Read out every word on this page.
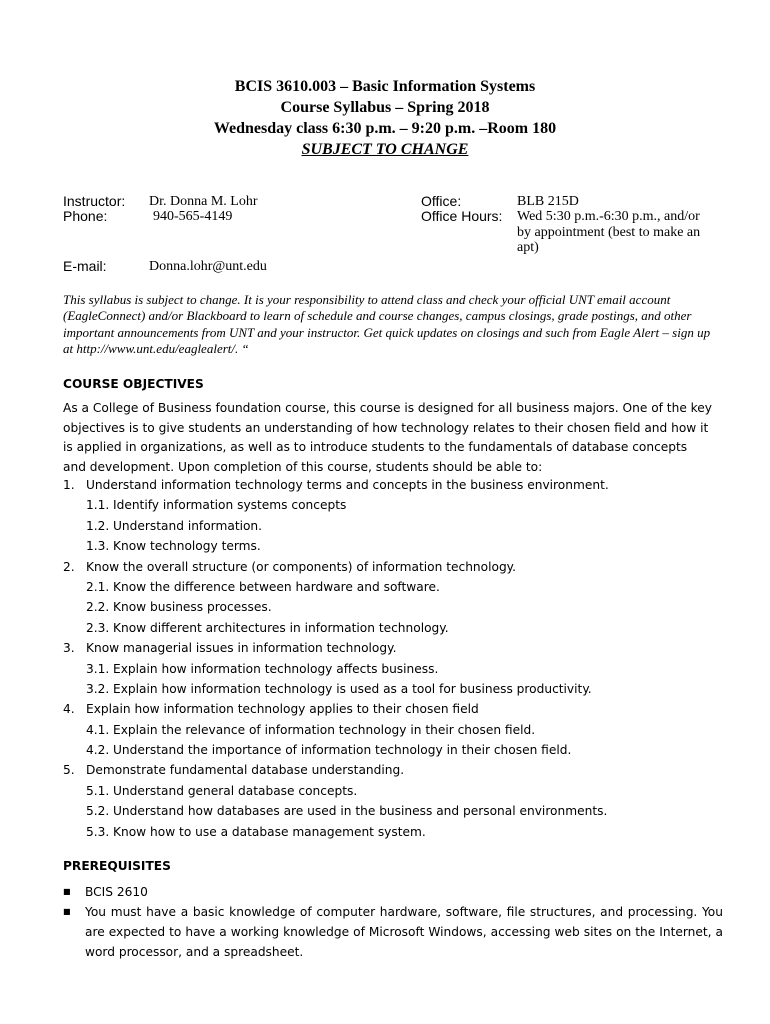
BCIS 3610.003 – Basic Information Systems
Course Syllabus – Spring 2018
Wednesday class 6:30 p.m. – 9:20 p.m. –Room 180
SUBJECT TO CHANGE
Instructor: Dr. Donna M. Lohr
Phone:	940-565-4149
E-mail:	Donna.lohr@unt.edu
Office:	BLB 215D
Office Hours: Wed 5:30 p.m.-6:30 p.m., and/or by appointment (best to make an apt)
This syllabus is subject to change. It is your responsibility to attend class and check your official UNT email account (EagleConnect) and/or Blackboard to learn of schedule and course changes, campus closings, grade postings, and other important announcements from UNT and your instructor. Get quick updates on closings and such from Eagle Alert – sign up at http://www.unt.edu/eaglealert/. “
COURSE OBJECTIVES
As a College of Business foundation course, this course is designed for all business majors. One of the key objectives is to give students an understanding of how technology relates to their chosen field and how it is applied in organizations, as well as to introduce students to the fundamentals of database concepts and development. Upon completion of this course, students should be able to:
1. Understand information technology terms and concepts in the business environment.
1.1. Identify information systems concepts
1.2. Understand information.
1.3. Know technology terms.
2. Know the overall structure (or components) of information technology.
2.1. Know the difference between hardware and software.
2.2. Know business processes.
2.3. Know different architectures in information technology.
3. Know managerial issues in information technology.
3.1. Explain how information technology affects business.
3.2. Explain how information technology is used as a tool for business productivity.
4. Explain how information technology applies to their chosen field
4.1. Explain the relevance of information technology in their chosen field.
4.2. Understand the importance of information technology in their chosen field.
5. Demonstrate fundamental database understanding.
5.1. Understand general database concepts.
5.2. Understand how databases are used in the business and personal environments.
5.3. Know how to use a database management system.
PREREQUISITES
■	BCIS 2610
■	You must have a basic knowledge of computer hardware, software, file structures, and processing. You are expected to have a working knowledge of Microsoft Windows, accessing web sites on the Internet, a word processor, and a spreadsheet.
